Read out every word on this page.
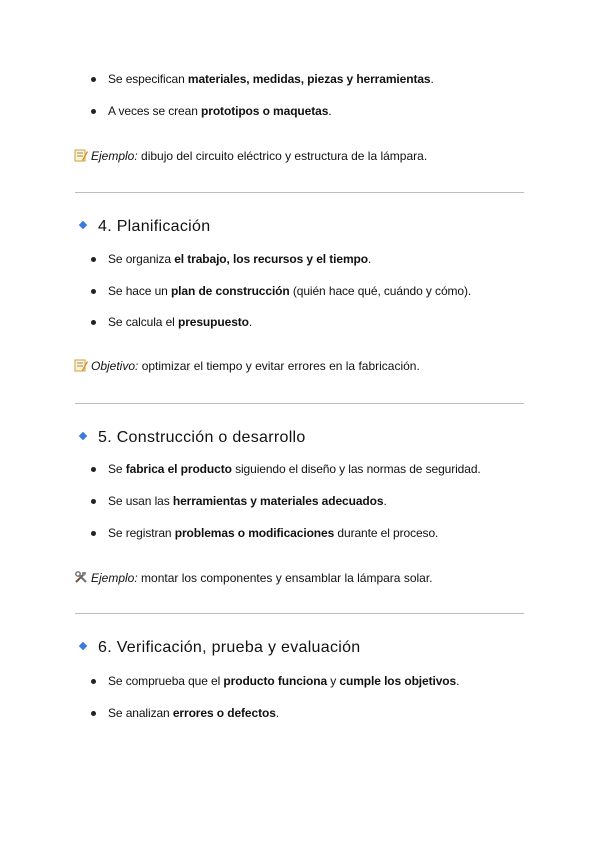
Se especifican materiales, medidas, piezas y herramientas.
A veces se crean prototipos o maquetas.
Ejemplo: dibujo del circuito eléctrico y estructura de la lámpara.
4. Planificación
Se organiza el trabajo, los recursos y el tiempo.
Se hace un plan de construcción (quién hace qué, cuándo y cómo).
Se calcula el presupuesto.
Objetivo: optimizar el tiempo y evitar errores en la fabricación.
5. Construcción o desarrollo
Se fabrica el producto siguiendo el diseño y las normas de seguridad.
Se usan las herramientas y materiales adecuados.
Se registran problemas o modificaciones durante el proceso.
Ejemplo: montar los componentes y ensamblar la lámpara solar.
6. Verificación, prueba y evaluación
Se comprueba que el producto funciona y cumple los objetivos.
Se analizan errores o defectos.
